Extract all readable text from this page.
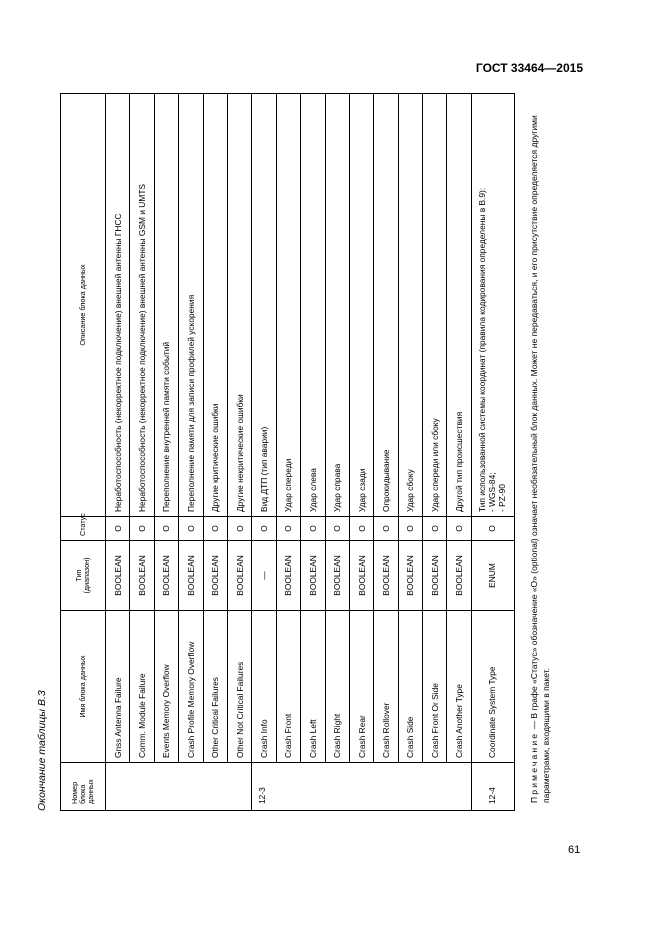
ГОСТ 33464—2015
Окончание таблицы В.3	Номер
блока
данных	Имя блока данных	Тип
(диапазон)	Статус	Описание блока данных
	Gnss Antenna Failure	BOOLEAN	O	Неработоспособность (некорректное подключение) внешней антенны ГНСС
	Comm. Module Failure	BOOLEAN	O	Неработоспособность (некорректное подключение) внешней антенны GSM и UMTS
	Events Memory Overflow	BOOLEAN	O	Переполнение внутренней памяти событий
	Crash Profile Memory Overflow	BOOLEAN	O	Переполнение памяти для записи профилей ускорения
	Other Critical Failures	BOOLEAN	O	Другие критические ошибки
	Other Not Critical Failures	BOOLEAN	O	Другие некритические ошибки
12-3	Crash Info	—	O	Вид ДТП (тип аварии)
	Crash Front	BOOLEAN	O	Удар спереди
	Crash Left	BOOLEAN	O	Удар слева
	Crash Right	BOOLEAN	O	Удар справа
	Crash Rear	BOOLEAN	O	Удар сзади
	Crash Rollover	BOOLEAN	O	Опрокидывание
	Crash Side	BOOLEAN	O	Удар сбоку
	Crash Front Or Side	BOOLEAN	O	Удар спереди или сбоку
	Crash Another Type	BOOLEAN	O	Другой тип происшествия
12-4	Coordinate System Type	ENUM	O	Тип использованной системы координат (правила кодирования определены в В.9):
- WGS-84;
- PZ-90
Примечание — В графе «Статус» обозначение «О» (optional) означает необязательный блок данных. Может не передаваться, и его присутствие определяется другими параметрами, входящими в пакет.
61
